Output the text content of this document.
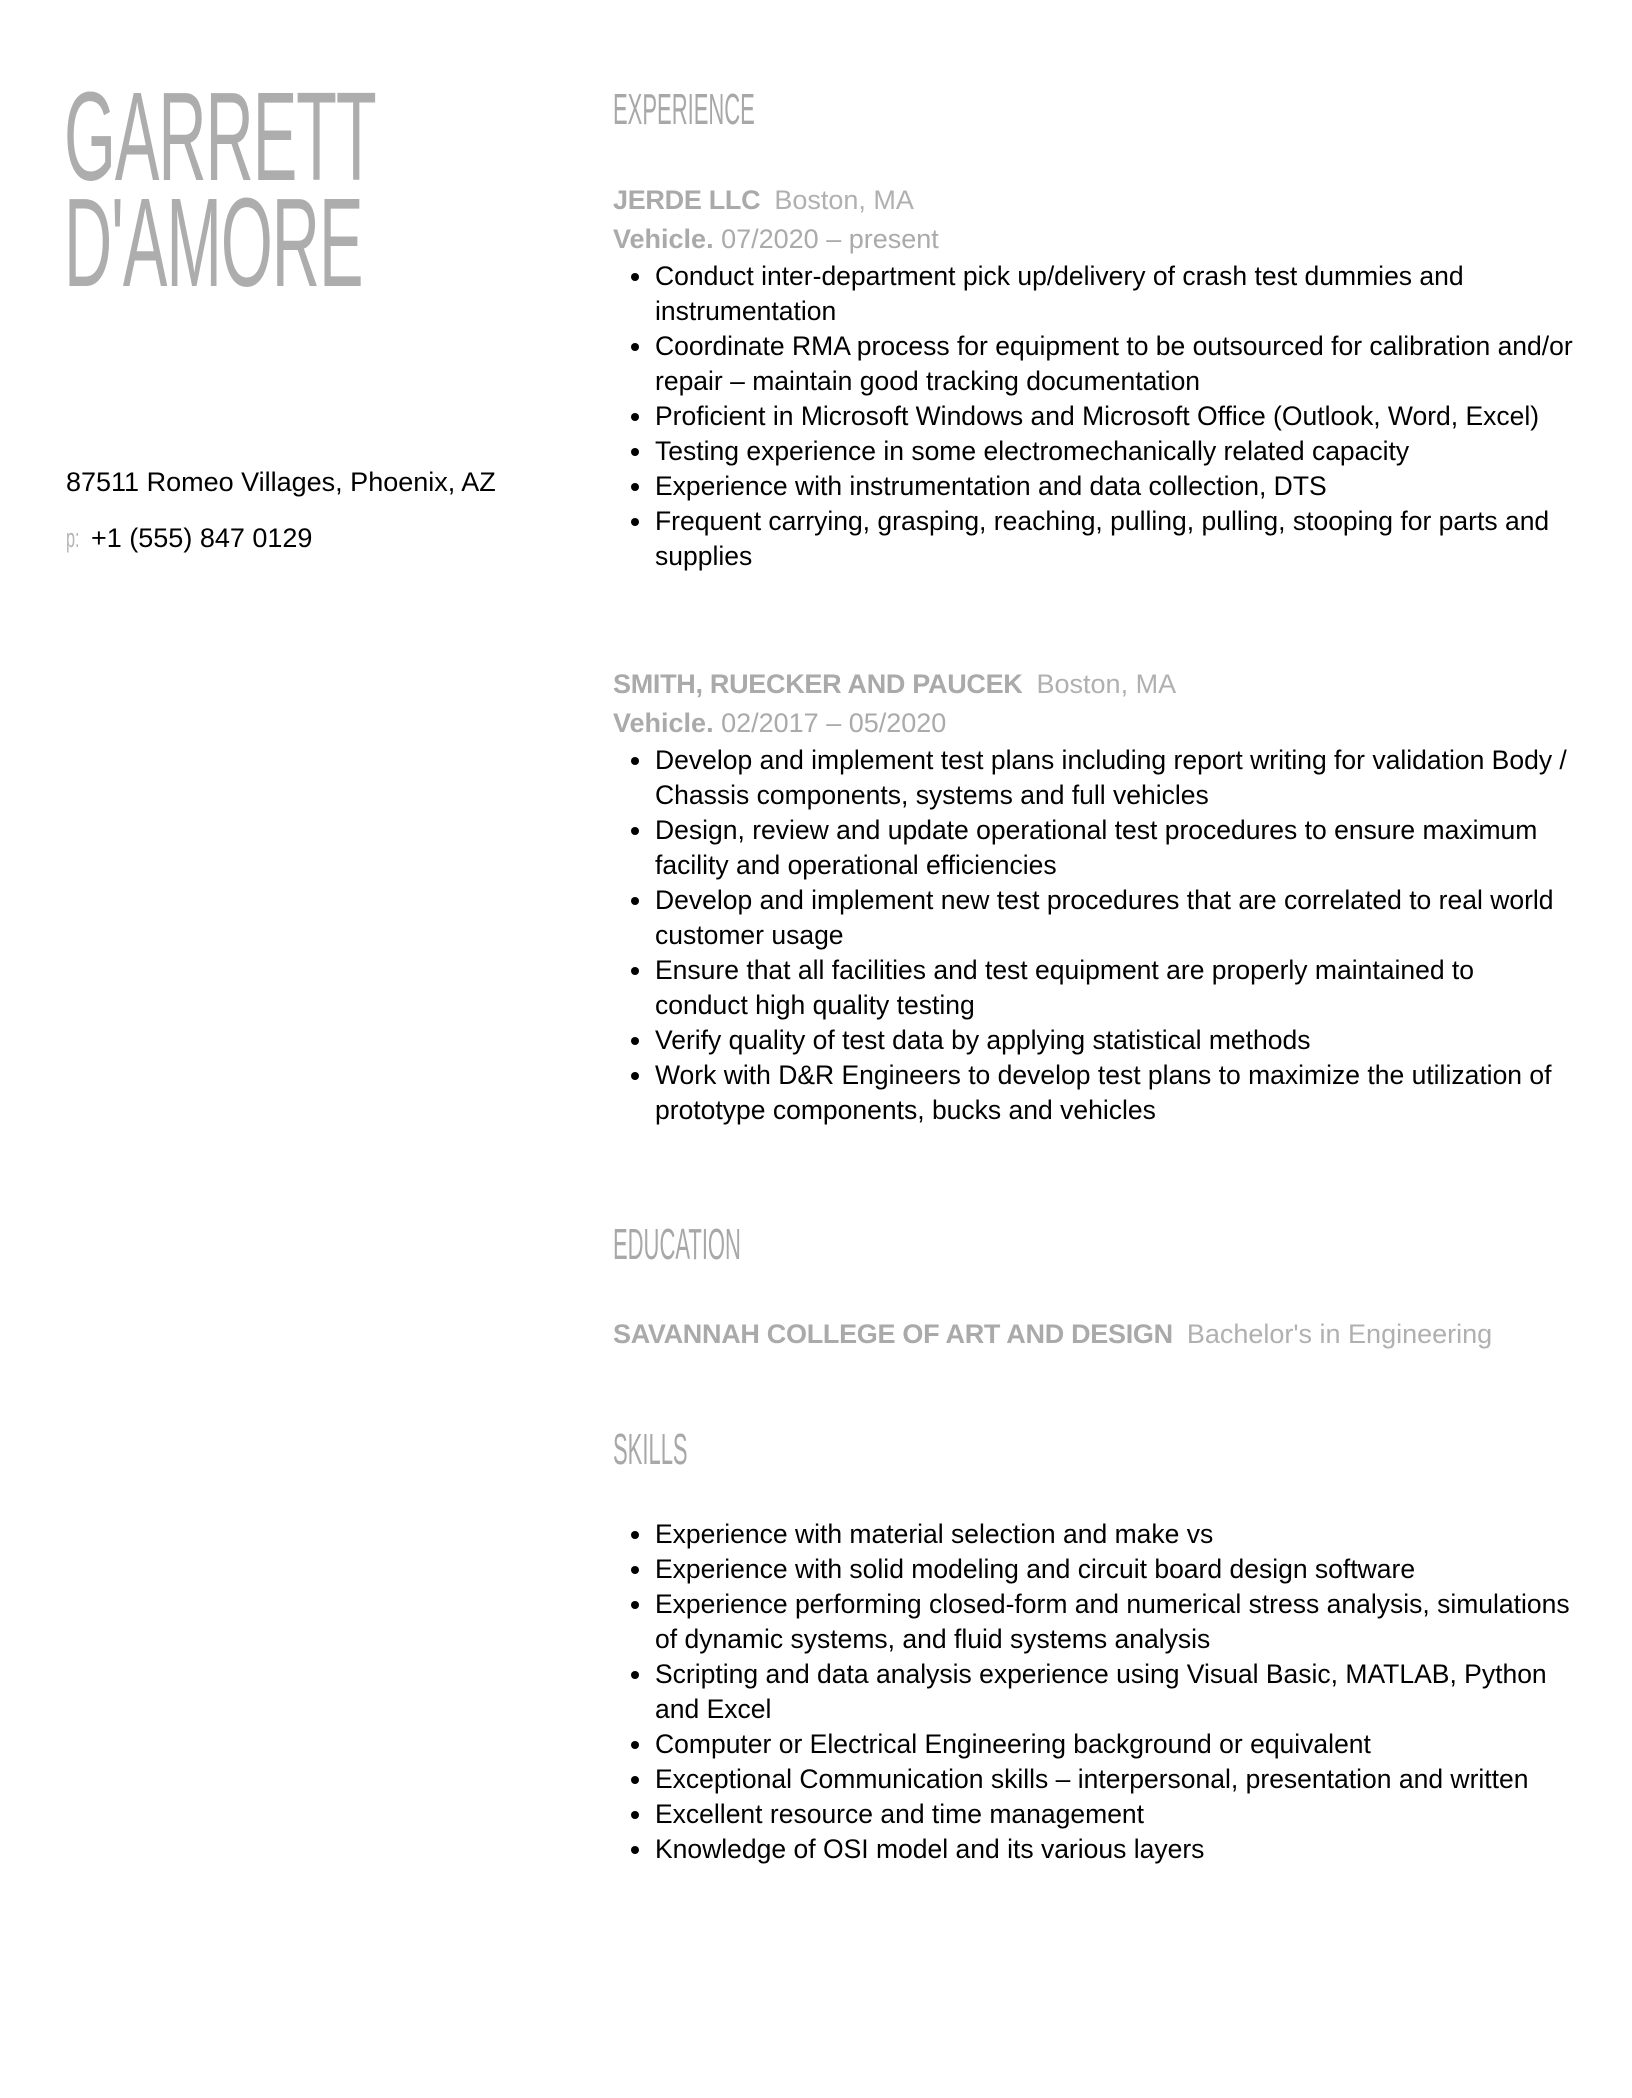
GARRETT
D'AMORE
87511 Romeo Villages, Phoenix, AZ
p: +1 (555) 847 0129
EXPERIENCE
JERDE LLC Boston, MA
Vehicle. 07/2020 – present
Conduct inter-department pick up/delivery of crash test dummies and instrumentation
Coordinate RMA process for equipment to be outsourced for calibration and/or repair – maintain good tracking documentation
Proficient in Microsoft Windows and Microsoft Office (Outlook, Word, Excel)
Testing experience in some electromechanically related capacity
Experience with instrumentation and data collection, DTS
Frequent carrying, grasping, reaching, pulling, pulling, stooping for parts and supplies
SMITH, RUECKER AND PAUCEK Boston, MA
Vehicle. 02/2017 – 05/2020
Develop and implement test plans including report writing for validation Body / Chassis components, systems and full vehicles
Design, review and update operational test procedures to ensure maximum facility and operational efficiencies
Develop and implement new test procedures that are correlated to real world customer usage
Ensure that all facilities and test equipment are properly maintained to conduct high quality testing
Verify quality of test data by applying statistical methods
Work with D&R Engineers to develop test plans to maximize the utilization of prototype components, bucks and vehicles
EDUCATION
SAVANNAH COLLEGE OF ART AND DESIGN Bachelor's in Engineering
SKILLS
Experience with material selection and make vs
Experience with solid modeling and circuit board design software
Experience performing closed-form and numerical stress analysis, simulations of dynamic systems, and fluid systems analysis
Scripting and data analysis experience using Visual Basic, MATLAB, Python and Excel
Computer or Electrical Engineering background or equivalent
Exceptional Communication skills – interpersonal, presentation and written
Excellent resource and time management
Knowledge of OSI model and its various layers
